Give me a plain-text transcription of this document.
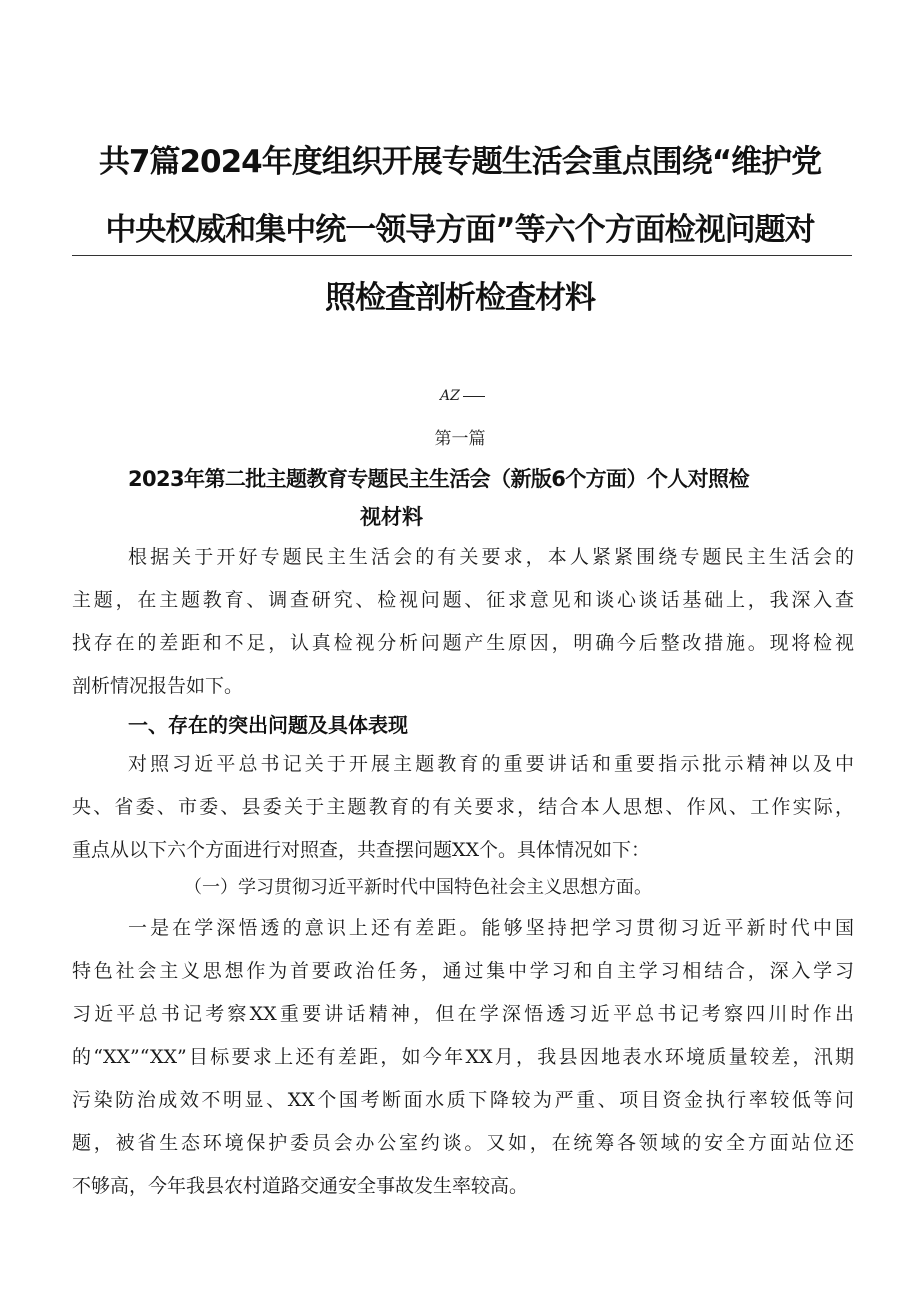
共7篇2024年度组织开展专题生活会重点围绕“维护党
中央权威和集中统一领导方面”等六个方面检视问题对
照检查剖析检查材料
AZ
第一篇
2023年第二批主题教育专题民主生活会（新版6个方面）个人对照检
视材料
根据关于开好专题民主生活会的有关要求，本人紧紧围绕专题民主生活会的
主题，在主题教育、调查研究、检视问题、征求意见和谈心谈话基础上，我深入查
找存在的差距和不足，认真检视分析问题产生原因，明确今后整改措施。现将检视
剖析情况报告如下。
一、存在的突出问题及具体表现
对照习近平总书记关于开展主题教育的重要讲话和重要指示批示精神以及中
央、省委、市委、县委关于主题教育的有关要求，结合本人思想、作风、工作实际，
重点从以下六个方面进行对照查，共查摆问题XX个。具体情况如下：
（一）学习贯彻习近平新时代中国特色社会主义思想方面。
一是在学深悟透的意识上还有差距。能够坚持把学习贯彻习近平新时代中国
特色社会主义思想作为首要政治任务，通过集中学习和自主学习相结合，深入学习
习近平总书记考察XX重要讲话精神，但在学深悟透习近平总书记考察四川时作出
的“XX”“XX”目标要求上还有差距，如今年XX月，我县因地表水环境质量较差，汛期
污染防治成效不明显、XX个国考断面水质下降较为严重、项目资金执行率较低等问
题，被省生态环境保护委员会办公室约谈。又如，在统筹各领域的安全方面站位还
不够高，今年我县农村道路交通安全事故发生率较高。
